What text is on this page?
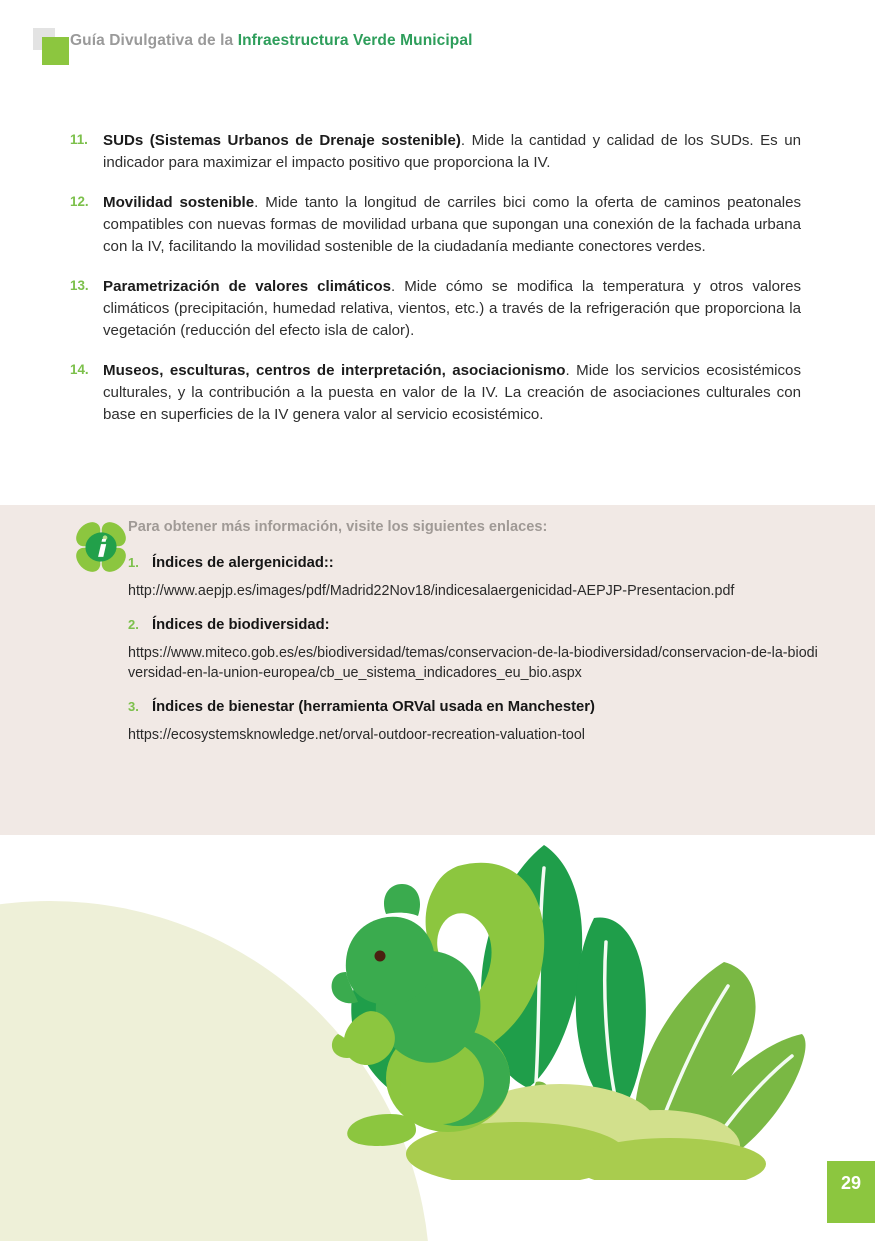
Guía Divulgativa de la Infraestructura Verde Municipal
11.	SUDs (Sistemas Urbanos de Drenaje sostenible). Mide la cantidad y calidad de los SUDs. Es un indicador para maximizar el impacto positivo que proporciona la IV.
12. Movilidad sostenible. Mide tanto la longitud de carriles bici como la oferta de caminos peatonales compatibles con nuevas formas de movilidad urbana que supongan una conexión de la fachada urbana con la IV, facilitando la movilidad sostenible de la ciudadanía mediante conectores verdes.
13. Parametrización de valores climáticos. Mide cómo se modifica la temperatura y otros valores climáticos (precipitación, humedad relativa, vientos, etc.) a través de la refrigeración que proporciona la vegetación (reducción del efecto isla de calor).
14. Museos, esculturas, centros de interpretación, asociacionismo. Mide los servicios ecosistémicos culturales, y la contribución a la puesta en valor de la IV. La creación de asociaciones culturales con base en superficies de la IV genera valor al servicio ecosistémico.
Para obtener más información, visite los siguientes enlaces:
1. Índices de alergenicidad::
http://www.aepjp.es/images/pdf/Madrid22Nov18/indicesalaergenicidad-AEPJP-Presentacion.pdf
2. Índices de biodiversidad:
https://www.miteco.gob.es/es/biodiversidad/temas/conservacion-de-la-biodiversidad/conservacion-de-la-biodiversidad-en-la-union-europea/cb_ue_sistema_indicadores_eu_bio.aspx
3. Índices de bienestar (herramienta ORVal usada en Manchester)
https://ecosystemsknowledge.net/orval-outdoor-recreation-valuation-tool
29
